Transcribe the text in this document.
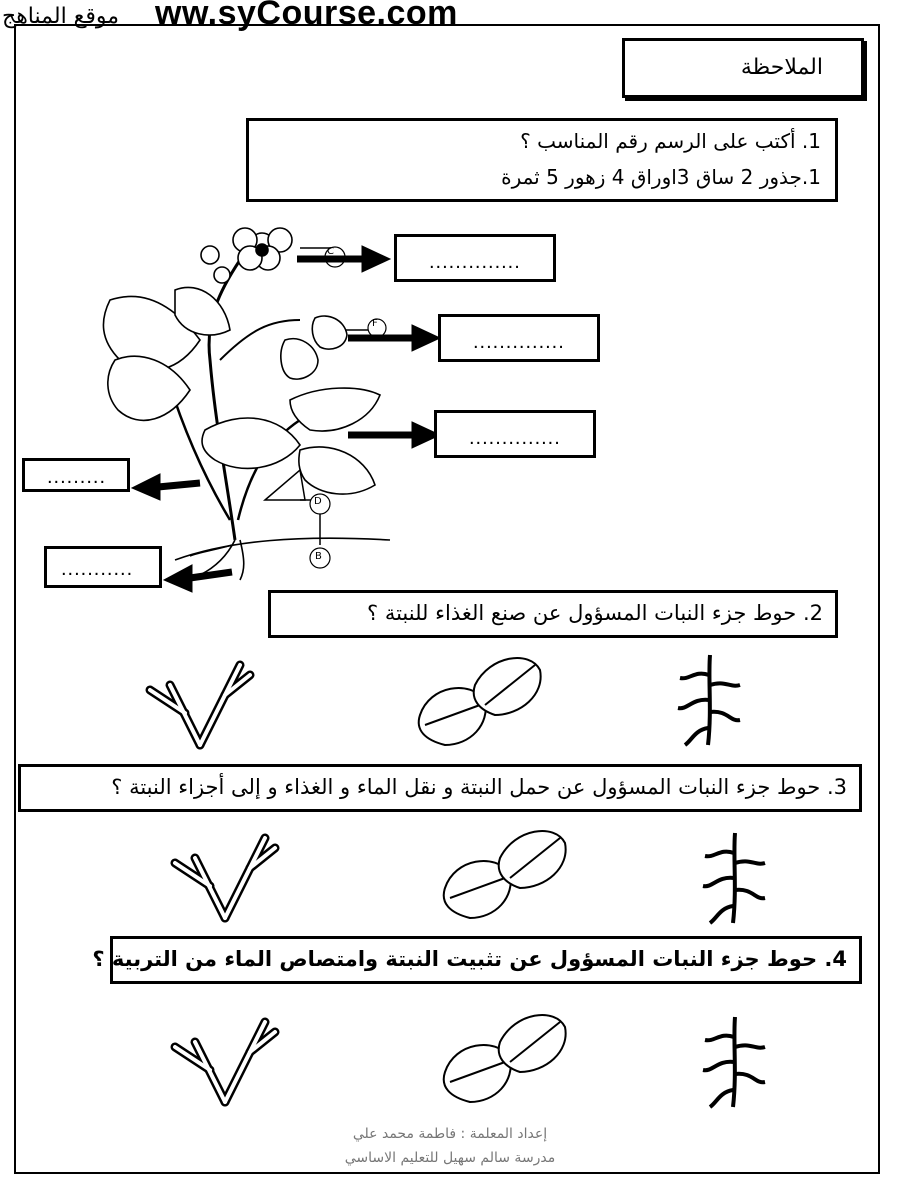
موقع المناهج ww.syCourse.com
الملاحظة
1. أكتب على الرسم رقم المناسب ؟
1.جذور 2 ساق 3اوراق 4 زهور 5 ثمرة
C
F
D
B
..............
..............
..............
.........
...........
2. حوط جزء النبات المسؤول عن صنع الغذاء للنبتة ؟
3. حوط جزء النبات المسؤول عن حمل النبتة و نقل الماء و الغذاء و إلى أجزاء النبتة ؟
4. حوط جزء النبات المسؤول عن تثبيت النبتة وامتصاص الماء من التربية ؟
إعداد المعلمة : فاطمة محمد علي
مدرسة سالم سهيل للتعليم الاساسي
